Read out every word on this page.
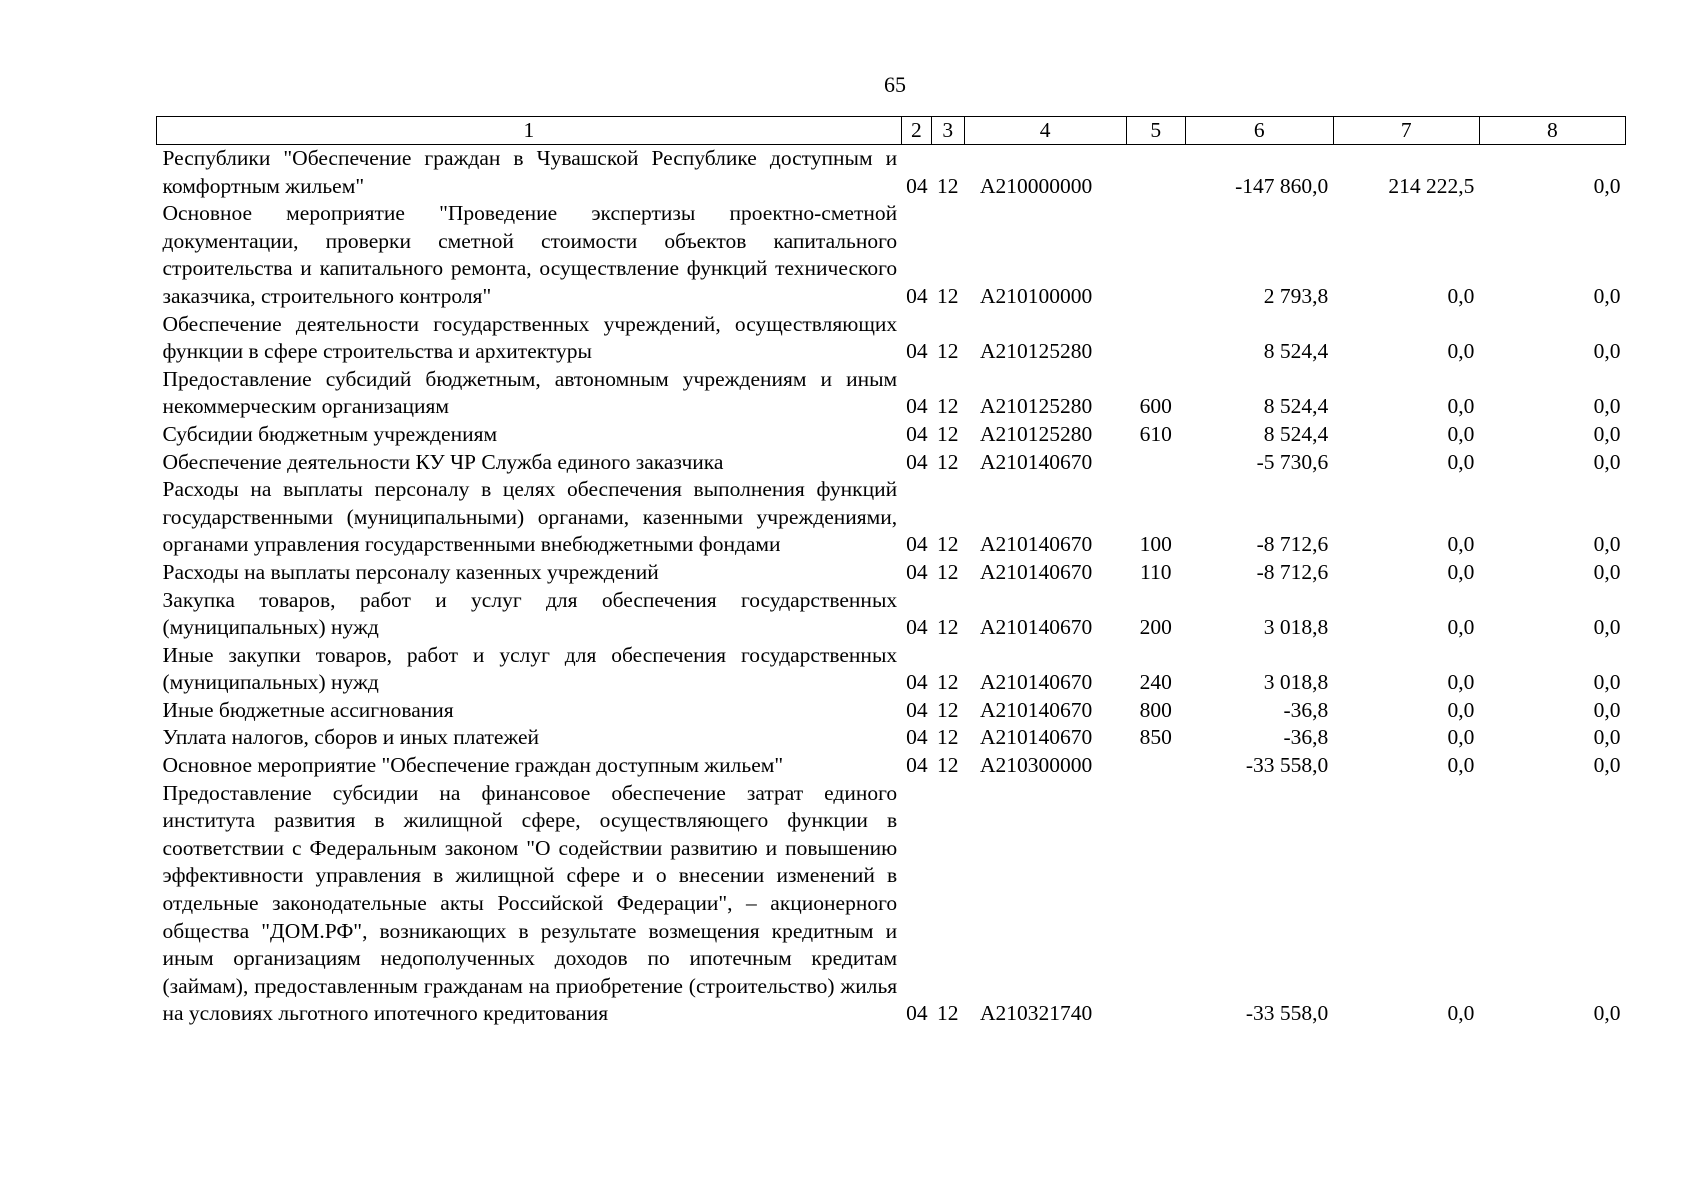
65
1	2	3	4	5	6	7	8
Республики "Обеспечение граждан в Чувашской Республике доступным и комфортным жильем"	04	12	А210000000		-147 860,0	214 222,5	0,0
Основное мероприятие "Проведение экспертизы проектно-сметной документации, проверки сметной стоимости объектов капитального строительства и капитального ремонта, осуществление функций технического заказчика, строительного контроля"	04	12	А210100000		2 793,8	0,0	0,0
Обеспечение деятельности государственных учреждений, осуществляющих функции в сфере строительства и архитектуры	04	12	А210125280		8 524,4	0,0	0,0
Предоставление субсидий бюджетным, автономным учреждениям и иным некоммерческим организациям	04	12	А210125280	600	8 524,4	0,0	0,0
Субсидии бюджетным учреждениям	04	12	А210125280	610	8 524,4	0,0	0,0
Обеспечение деятельности КУ ЧР Служба единого заказчика	04	12	А210140670		-5 730,6	0,0	0,0
Расходы на выплаты персоналу в целях обеспечения выполнения функций государственными (муниципальными) органами, казенными учреждениями, органами управления государственными внебюджетными фондами	04	12	А210140670	100	-8 712,6	0,0	0,0
Расходы на выплаты персоналу казенных учреждений	04	12	А210140670	110	-8 712,6	0,0	0,0
Закупка товаров, работ и услуг для обеспечения государственных (муниципальных) нужд	04	12	А210140670	200	3 018,8	0,0	0,0
Иные закупки товаров, работ и услуг для обеспечения государственных (муниципальных) нужд	04	12	А210140670	240	3 018,8	0,0	0,0
Иные бюджетные ассигнования	04	12	А210140670	800	-36,8	0,0	0,0
Уплата налогов, сборов и иных платежей	04	12	А210140670	850	-36,8	0,0	0,0
Основное мероприятие "Обеспечение граждан доступным жильем"	04	12	А210300000		-33 558,0	0,0	0,0
Предоставление субсидии на финансовое обеспечение затрат единого института развития в жилищной сфере, осуществляющего функции в соответствии с Федеральным законом "О содействии развитию и повышению эффективности управления в жилищной сфере и о внесении изменений в отдельные законодательные акты Российской Федерации", – акционерного общества "ДОМ.РФ", возникающих в результате возмещения кредитным и иным организациям недополученных доходов по ипотечным кредитам (займам), предоставленным гражданам на приобретение (строительство) жилья на условиях льготного ипотечного кредитования	04	12	А210321740		-33 558,0	0,0	0,0
